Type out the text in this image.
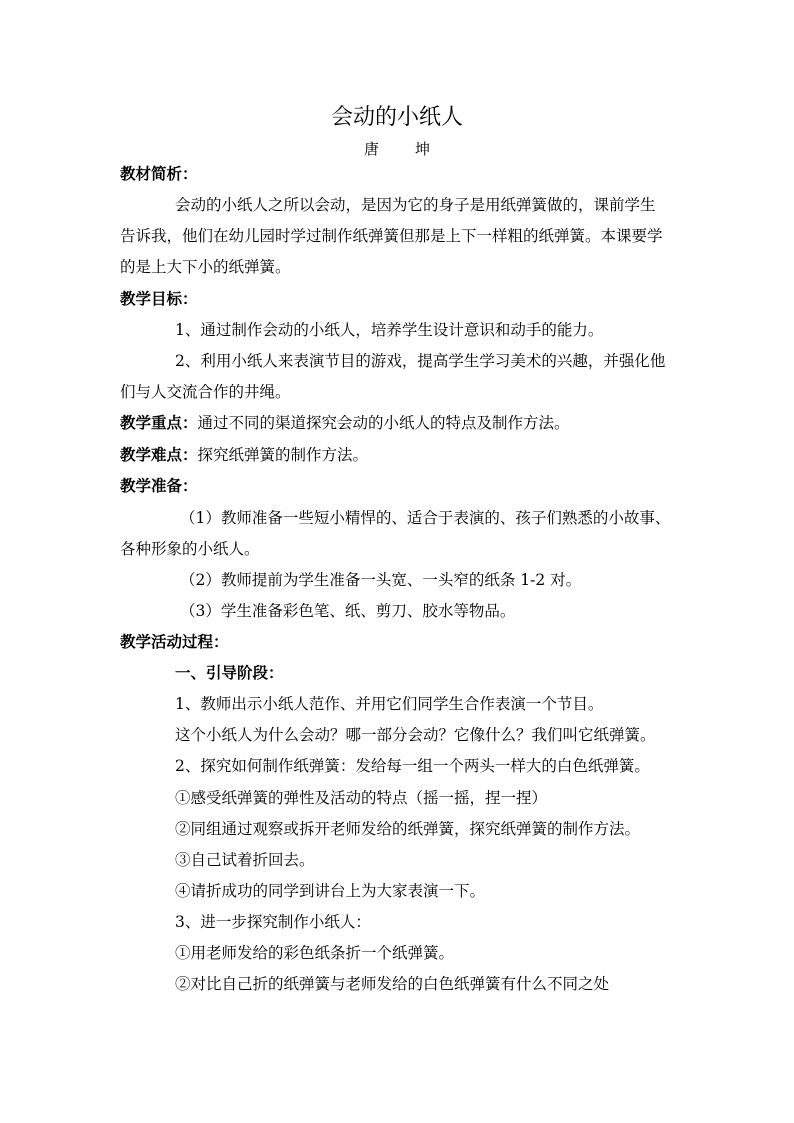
会动的小纸人
唐 坤
教材简析：
会动的小纸人之所以会动，是因为它的身子是用纸弹簧做的，课前学生
告诉我，他们在幼儿园时学过制作纸弹簧但那是上下一样粗的纸弹簧。本课要学
的是上大下小的纸弹簧。
教学目标：
1、通过制作会动的小纸人，培养学生设计意识和动手的能力。
2、利用小纸人来表演节目的游戏，提高学生学习美术的兴趣，并强化他
们与人交流合作的井绳。
教学重点：通过不同的渠道探究会动的小纸人的特点及制作方法。
教学难点：探究纸弹簧的制作方法。
教学准备：
（1）教师准备一些短小精悍的、适合于表演的、孩子们熟悉的小故事、
各种形象的小纸人。
（2）教师提前为学生准备一头宽、一头窄的纸条 1-2 对。
（3）学生准备彩色笔、纸、剪刀、胶水等物品。
教学活动过程：
一、引导阶段：
1、教师出示小纸人范作、并用它们同学生合作表演一个节目。
这个小纸人为什么会动？哪一部分会动？它像什么？我们叫它纸弹簧。
2、探究如何制作纸弹簧：发给每一组一个两头一样大的白色纸弹簧。
①感受纸弹簧的弹性及活动的特点（摇一摇，捏一捏）
②同组通过观察或拆开老师发给的纸弹簧，探究纸弹簧的制作方法。
③自己试着折回去。
④请折成功的同学到讲台上为大家表演一下。
3、进一步探究制作小纸人：
①用老师发给的彩色纸条折一个纸弹簧。
②对比自己折的纸弹簧与老师发给的白色纸弹簧有什么不同之处
